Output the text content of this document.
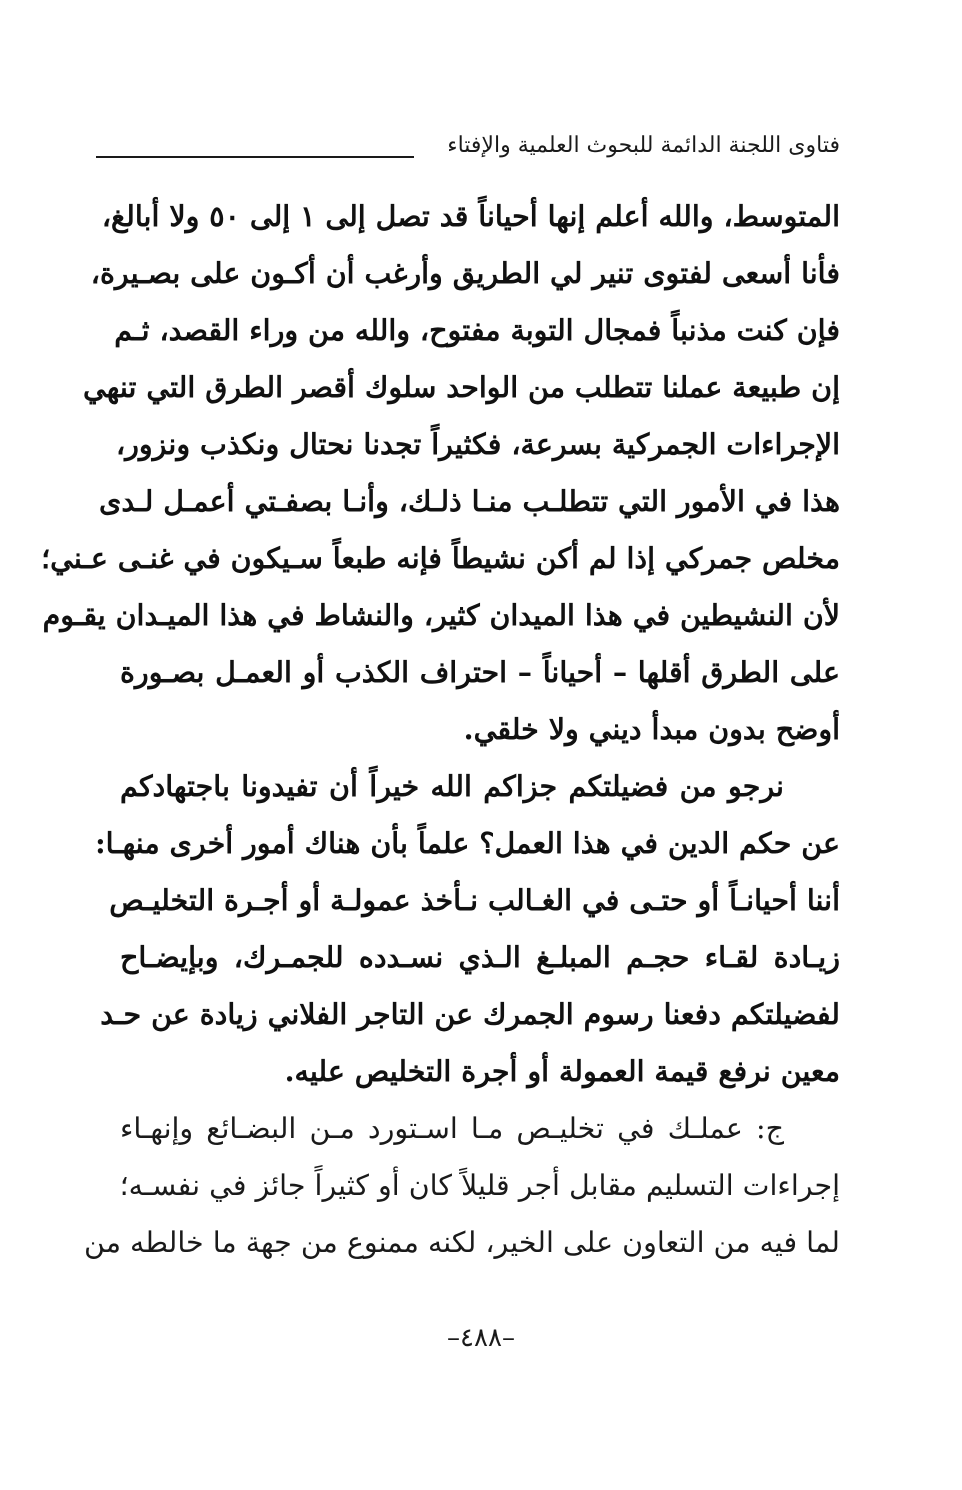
فتاوى اللجنة الدائمة للبحوث العلمية والإفتاء
المتوسط، والله أعلم إنها أحياناً قد تصل إلى ١ إلى ٥٠ ولا أبالغ،
فأنا أسعى لفتوى تنير لي الطريق وأرغب أن أكـون على بصـيرة،
فإن كنت مذنباً فمجال التوبة مفتوح، والله من وراء القصد، ثـم
إن طبيعة عملنا تتطلب من الواحد سلوك أقصر الطرق التي تنهي
الإجراءات الجمركية بسرعة، فكثيراً تجدنا نحتال ونكذب ونزور،
هذا في الأمور التي تتطلـب منـا ذلـك، وأنـا بصفـتي أعمـل لـدى
مخلص جمركي إذا لم أكن نشيطاً فإنه طبعاً سـيكون في غنـى عـني؛
لأن النشيطين في هذا الميدان كثير، والنشاط في هذا الميـدان يقـوم
على الطرق أقلها – أحياناً – احتراف الكذب أو العمـل بصـورة
أوضح بدون مبدأ ديني ولا خلقي.
نرجو من فضيلتكم جزاكم الله خيراً أن تفيدونا باجتهادكم
عن حكم الدين في هذا العمل؟ علماً بأن هناك أمور أخرى منهـا:
أننا أحيانـاً أو حتـى في الغـالب نـأخذ عمولـة أو أجـرة التخليـص
زيـادة لقـاء حجـم المبلـغ الـذي نسـدده للجمـرك، وبإيضـاح
لفضيلتكم دفعنا رسوم الجمرك عن التاجر الفلاني زيادة عن حـد
معين نرفع قيمة العمولة أو أجرة التخليص عليه.
ج: عملـك في تخليـص مـا اسـتورد مـن البضـائع وإنهـاء
إجراءات التسليم مقابل أجر قليلاً كان أو كثيراً جائز في نفسـه؛
لما فيه من التعاون على الخير، لكنه ممنوع من جهة ما خالطه من
–٤٨٨–
